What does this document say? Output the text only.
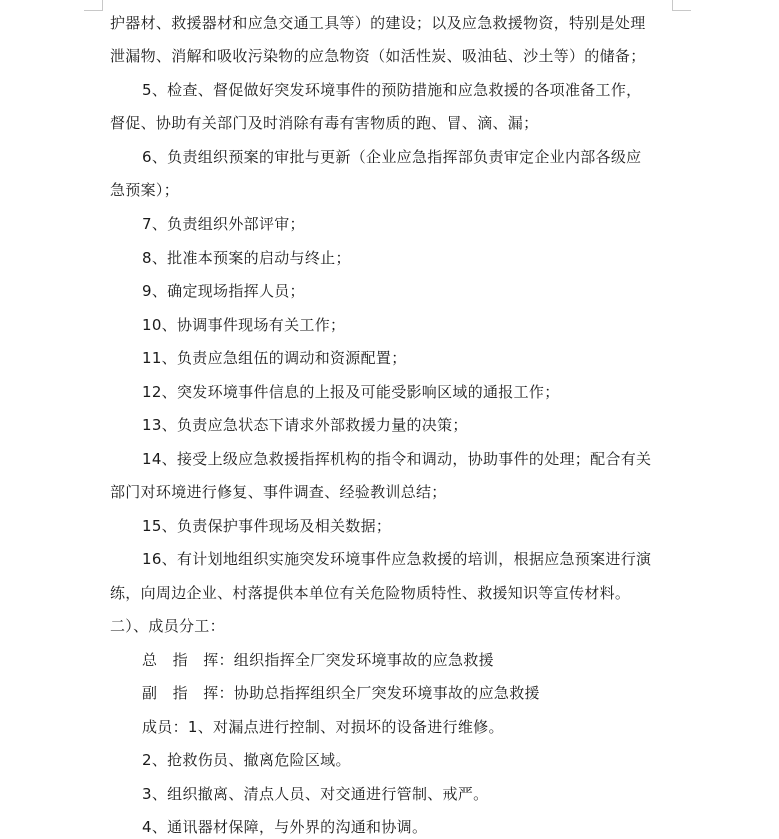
护器材、救援器材和应急交通工具等）的建设；以及应急救援物资，特别是处理
泄漏物、消解和吸收污染物的应急物资（如活性炭、吸油毡、沙土等）的储备；
5、检查、督促做好突发环境事件的预防措施和应急救援的各项准备工作，
督促、协助有关部门及时消除有毒有害物质的跑、冒、滴、漏；
6、负责组织预案的审批与更新（企业应急指挥部负责审定企业内部各级应
急预案）；
7、负责组织外部评审；
8、批准本预案的启动与终止；
9、确定现场指挥人员；
10、协调事件现场有关工作；
11、负责应急组伍的调动和资源配置；
12、突发环境事件信息的上报及可能受影响区域的通报工作；
13、负责应急状态下请求外部救援力量的决策；
14、接受上级应急救援指挥机构的指令和调动，协助事件的处理；配合有关
部门对环境进行修复、事件调查、经验教训总结；
15、负责保护事件现场及相关数据；
16、有计划地组织实施突发环境事件应急救援的培训，根据应急预案进行演
练，向周边企业、村落提供本单位有关危险物质特性、救援知识等宣传材料。
二）、成员分工：
总　指　挥：组织指挥全厂突发环境事故的应急救援
副　指　挥：协助总指挥组织全厂突发环境事故的应急救援
成员：1、对漏点进行控制、对损坏的设备进行维修。
2、抢救伤员、撤离危险区域。
3、组织撤离、清点人员、对交通进行管制、戒严。
4、通讯器材保障，与外界的沟通和协调。
